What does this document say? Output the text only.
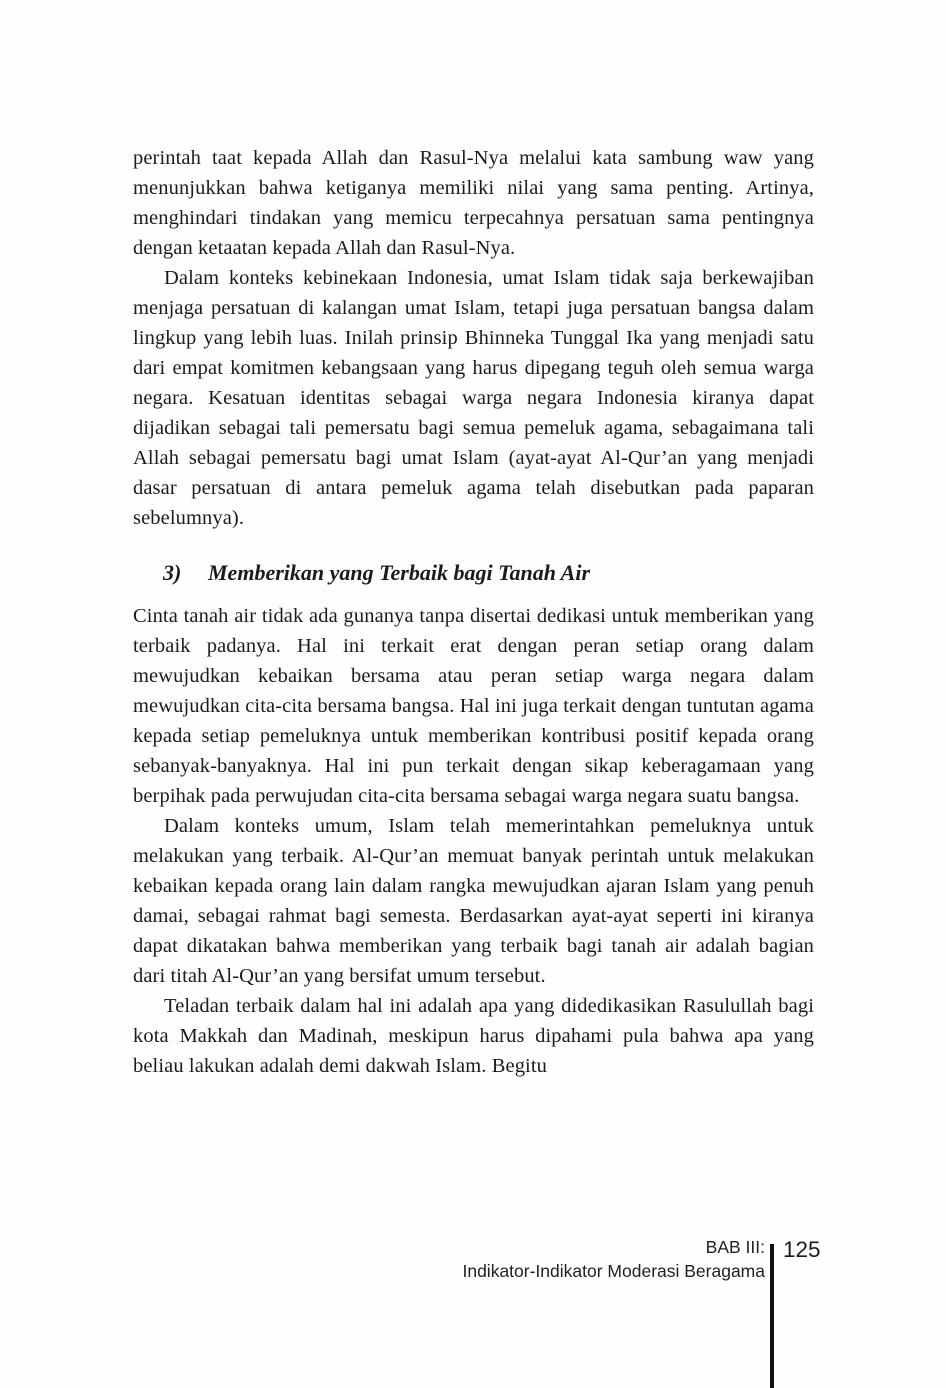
perintah taat kepada Allah dan Rasul-Nya melalui kata sambung waw yang menunjukkan bahwa ketiganya memiliki nilai yang sama penting. Artinya, menghindari tindakan yang memicu terpecahnya persatuan sama pentingnya dengan ketaatan kepada Allah dan Rasul-Nya.

Dalam konteks kebinekaan Indonesia, umat Islam tidak saja berkewajiban menjaga persatuan di kalangan umat Islam, tetapi juga persatuan bangsa dalam lingkup yang lebih luas. Inilah prinsip Bhinneka Tunggal Ika yang menjadi satu dari empat komitmen kebangsaan yang harus dipegang teguh oleh semua warga negara. Kesatuan identitas sebagai warga negara Indonesia kiranya dapat dijadikan sebagai tali pemersatu bagi semua pemeluk agama, sebagaimana tali Allah sebagai pemersatu bagi umat Islam (ayat-ayat Al-Qur’an yang menjadi dasar persatuan di antara pemeluk agama telah disebutkan pada paparan sebelumnya).

3)	Memberikan yang Terbaik bagi Tanah Air

Cinta tanah air tidak ada gunanya tanpa disertai dedikasi untuk memberikan yang terbaik padanya. Hal ini terkait erat dengan peran setiap orang dalam mewujudkan kebaikan bersama atau peran setiap warga negara dalam mewujudkan cita-cita bersama bangsa. Hal ini juga terkait dengan tuntutan agama kepada setiap pemeluknya untuk memberikan kontribusi positif kepada orang sebanyak-banyaknya. Hal ini pun terkait dengan sikap keberagamaan yang berpihak pada perwujudan cita-cita bersama sebagai warga negara suatu bangsa.

Dalam konteks umum, Islam telah memerintahkan pemeluknya untuk melakukan yang terbaik. Al-Qur’an memuat banyak perintah untuk melakukan kebaikan kepada orang lain dalam rangka mewujudkan ajaran Islam yang penuh damai, sebagai rahmat bagi semesta. Berdasarkan ayat-ayat seperti ini kiranya dapat dikatakan bahwa memberikan yang terbaik bagi tanah air adalah bagian dari titah Al-Qur’an yang bersifat umum tersebut.

Teladan terbaik dalam hal ini adalah apa yang didedikasikan Rasulullah bagi kota Makkah dan Madinah, meskipun harus dipahami pula bahwa apa yang beliau lakukan adalah demi dakwah Islam. Begitu

BAB III:
Indikator-Indikator Moderasi Beragama
125
